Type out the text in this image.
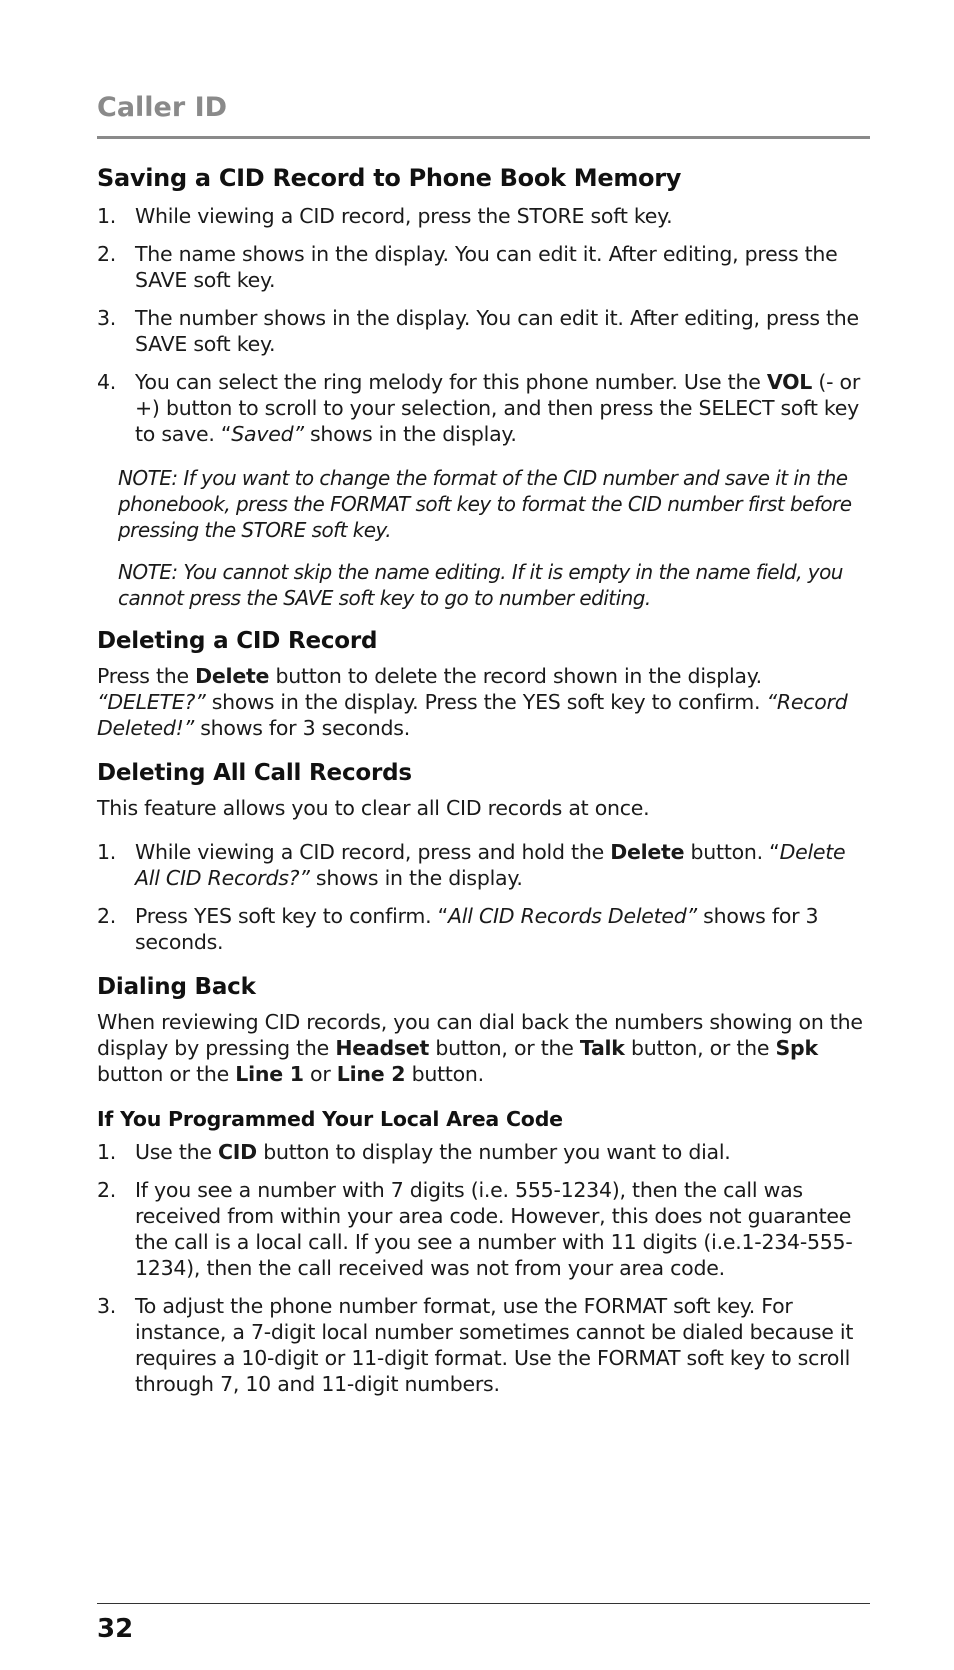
Caller ID
Saving a CID Record to Phone Book Memory
1. While viewing a CID record, press the STORE soft key.
2. The name shows in the display. You can edit it. After editing, press the SAVE soft key.
3. The number shows in the display. You can edit it. After editing, press the SAVE soft key.
4. You can select the ring melody for this phone number. Use the VOL (- or +) button to scroll to your selection, and then press the SELECT soft key to save. “Saved” shows in the display.

NOTE: If you want to change the format of the CID number and save it in the phonebook, press the FORMAT soft key to format the CID number first before pressing the STORE soft key.

NOTE: You cannot skip the name editing. If it is empty in the name field, you cannot press the SAVE soft key to go to number editing.

Deleting a CID Record

Press the Delete button to delete the record shown in the display. “DELETE?” shows in the display. Press the YES soft key to confirm. “Record Deleted!” shows for 3 seconds.

Deleting All Call Records

This feature allows you to clear all CID records at once.

1. While viewing a CID record, press and hold the Delete button. “Delete All CID Records?” shows in the display.
2. Press YES soft key to confirm. “All CID Records Deleted” shows for 3 seconds.
Dialing Back

When reviewing CID records, you can dial back the numbers showing on the display by pressing the Headset button, or the Talk button, or the Spk button or the Line 1 or Line 2 button.

If You Programmed Your Local Area Code
1. Use the CID button to display the number you want to dial.
2. If you see a number with 7 digits (i.e. 555-1234), then the call was received from within your area code. However, this does not guarantee the call is a local call. If you see a number with 11 digits (i.e.1-234-555-1234), then the call received was not from your area code.
3. To adjust the phone number format, use the FORMAT soft key. For instance, a 7-digit local number sometimes cannot be dialed because it requires a 10-digit or 11-digit format. Use the FORMAT soft key to scroll through 7, 10 and 11-digit numbers.
32
